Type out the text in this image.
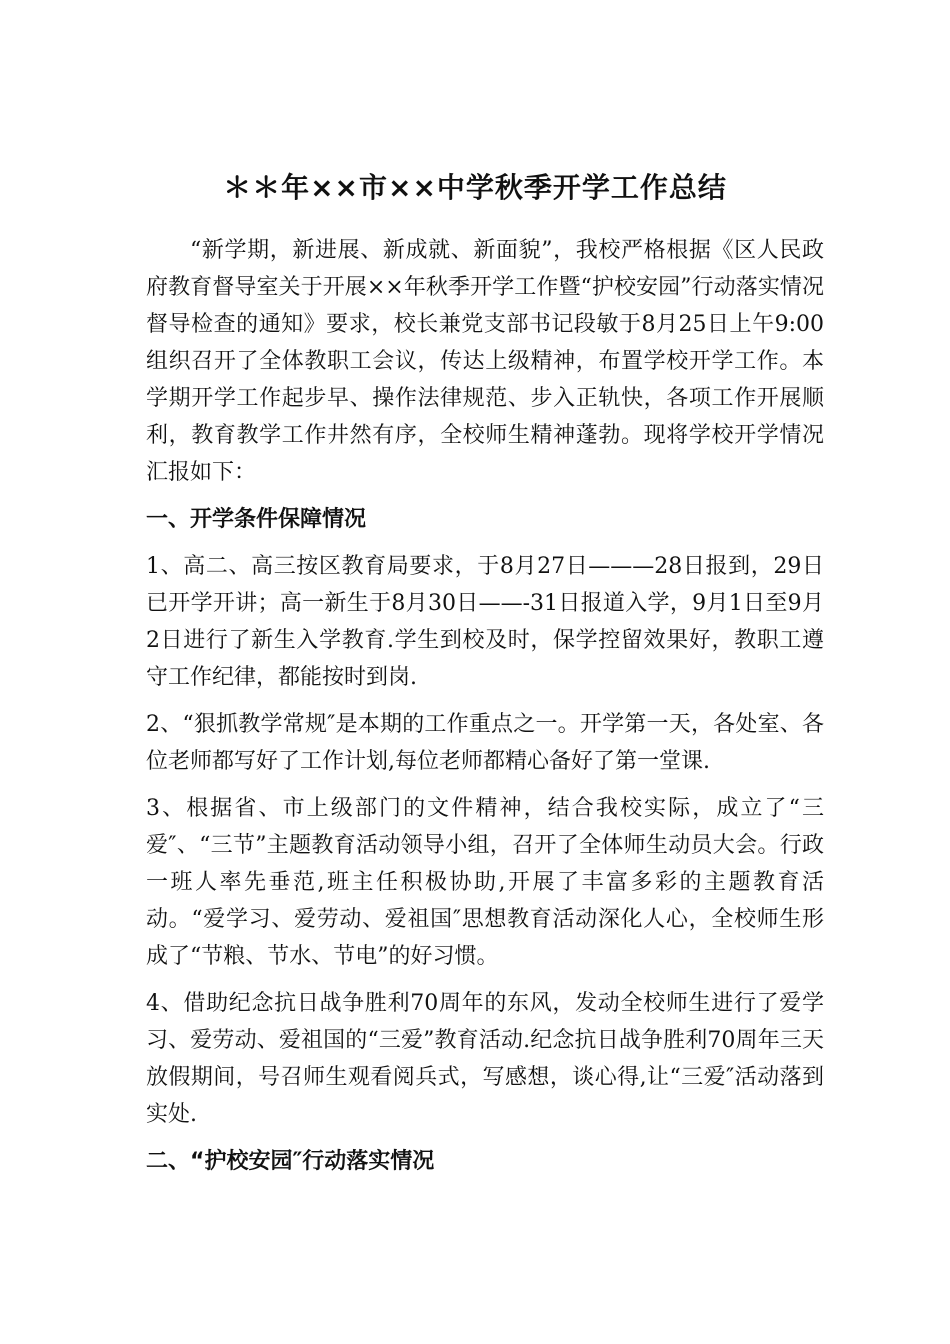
＊＊年××市××中学秋季开学工作总结

“新学期，新进展、新成就、新面貌”，我校严格根据《区人民政府教育督导室关于开展××年秋季开学工作暨“护校安园”行动落实情况督导检查的通知》要求，校长兼党支部书记段敏于8月25日上午9:00组织召开了全体教职工会议，传达上级精神，布置学校开学工作。本学期开学工作起步早、操作法律规范、步入正轨快，各项工作开展顺利，教育教学工作井然有序，全校师生精神蓬勃。现将学校开学情况汇报如下：

一、开学条件保障情况

1、高二、高三按区教育局要求，于8月27日———28日报到，29日已开学开讲；高一新生于8月30日——-31日报道入学，9月1日至9月2日进行了新生入学教育.学生到校及时，保学控留效果好，教职工遵守工作纪律，都能按时到岗.

2、“狠抓教学常规″是本期的工作重点之一。开学第一天，各处室、各位老师都写好了工作计划,每位老师都精心备好了第一堂课.

3、根据省、市上级部门的文件精神，结合我校实际，成立了“三爱″、“三节”主题教育活动领导小组，召开了全体师生动员大会。行政一班人率先垂范,班主任积极协助,开展了丰富多彩的主题教育活动。“爱学习、爱劳动、爱祖国″思想教育活动深化人心，全校师生形成了“节粮、节水、节电”的好习惯。

4、借助纪念抗日战争胜利70周年的东风，发动全校师生进行了爱学习、爱劳动、爱祖国的“三爱”教育活动.纪念抗日战争胜利70周年三天放假期间，号召师生观看阅兵式，写感想，谈心得,让“三爱″活动落到实处.

二、“护校安园″行动落实情况
